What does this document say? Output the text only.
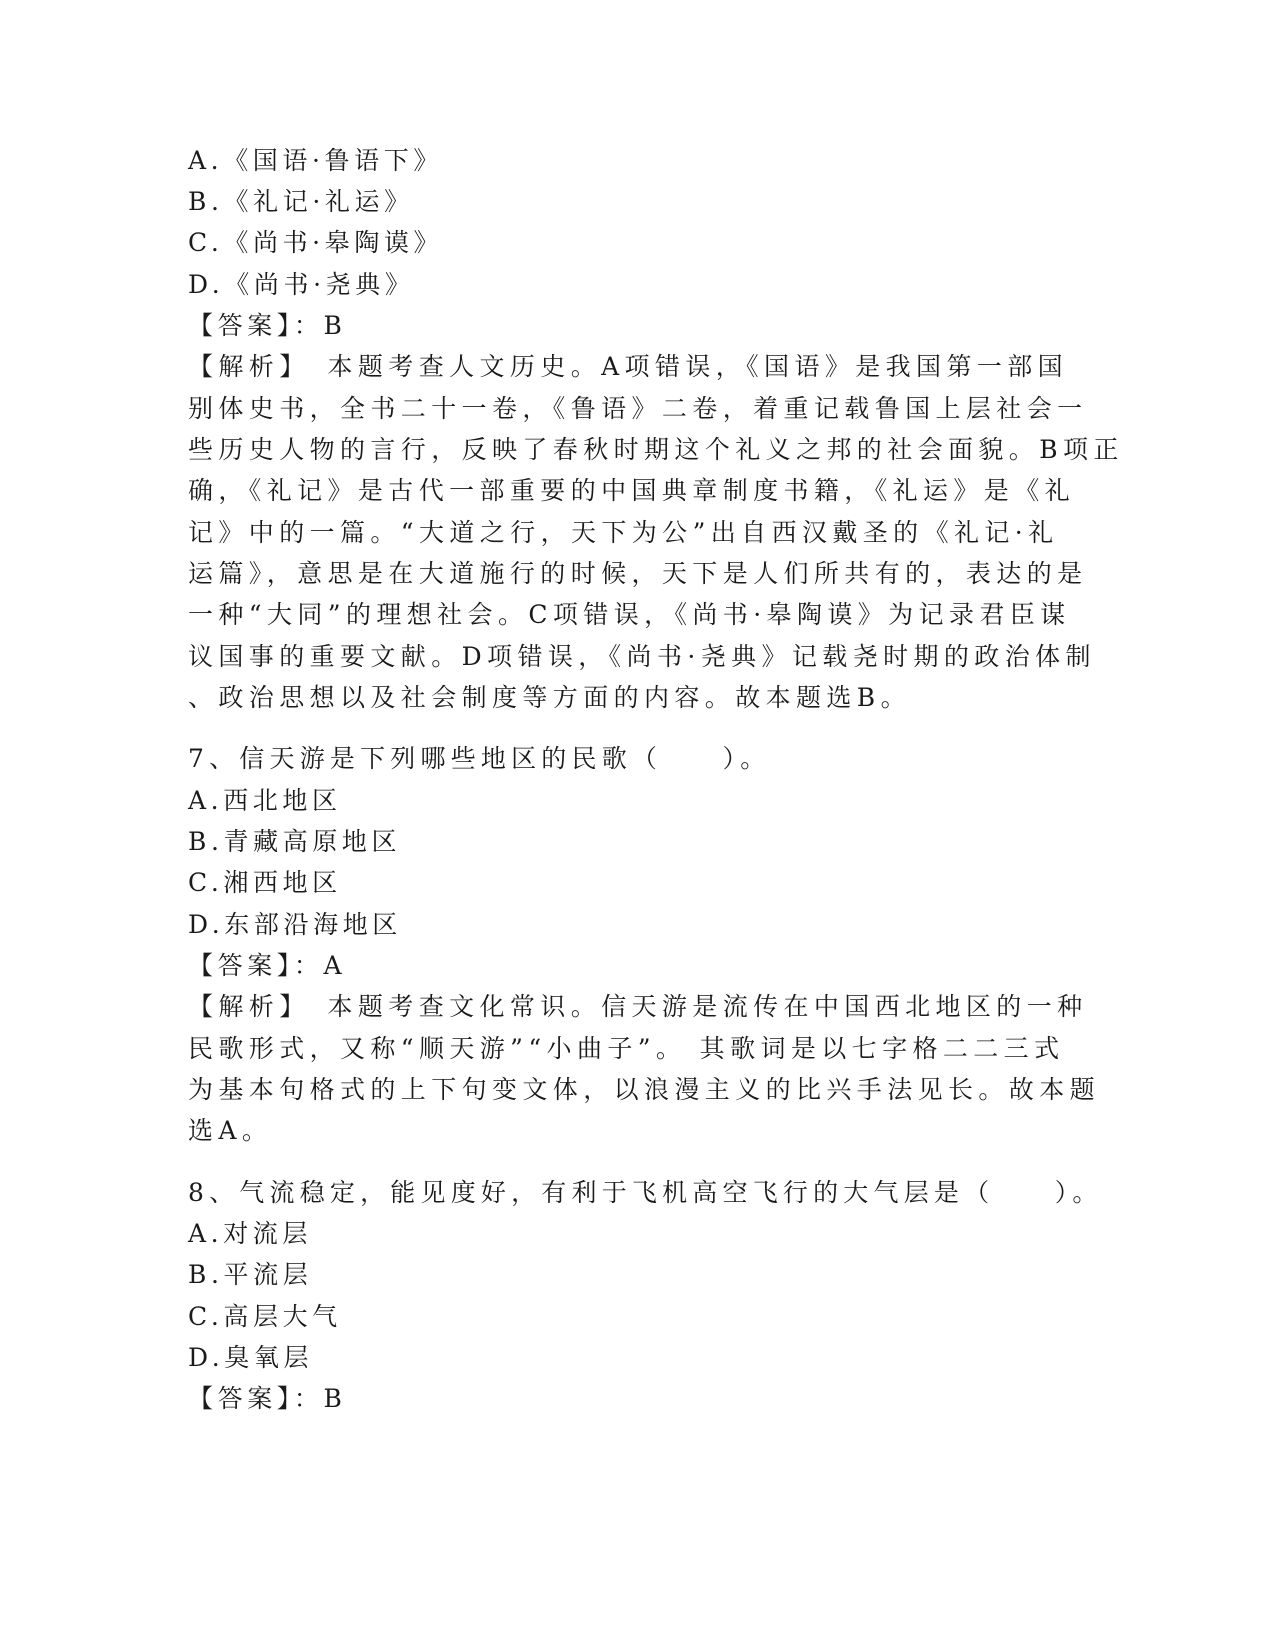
A.《国语·鲁语下》
B.《礼记·礼运》
C.《尚书·皋陶谟》
D.《尚书·尧典》
【答案】：B
【解析】　本题考查人文历史。A项错误，《国语》是我国第一部国
别体史书，全书二十一卷，《鲁语》二卷，着重记载鲁国上层社会一
些历史人物的言行，反映了春秋时期这个礼义之邦的社会面貌。B项正
确，《礼记》是古代一部重要的中国典章制度书籍，《礼运》是《礼
记》中的一篇。“大道之行，天下为公”出自西汉戴圣的《礼记·礼
运篇》，意思是在大道施行的时候，天下是人们所共有的，表达的是
一种“大同”的理想社会。C项错误，《尚书·皋陶谟》为记录君臣谋
议国事的重要文献。D项错误，《尚书·尧典》记载尧时期的政治体制
、政治思想以及社会制度等方面的内容。故本题选B。
7、信天游是下列哪些地区的民歌（　　）。
A.西北地区
B.青藏高原地区
C.湘西地区
D.东部沿海地区
【答案】：A
【解析】　本题考查文化常识。信天游是流传在中国西北地区的一种
民歌形式，又称“顺天游”“小曲子”。 其歌词是以七字格二二三式
为基本句格式的上下句变文体，以浪漫主义的比兴手法见长。故本题
选A。
8、气流稳定，能见度好，有利于飞机高空飞行的大气层是（　　）。
A.对流层
B.平流层
C.高层大气
D.臭氧层
【答案】：B
